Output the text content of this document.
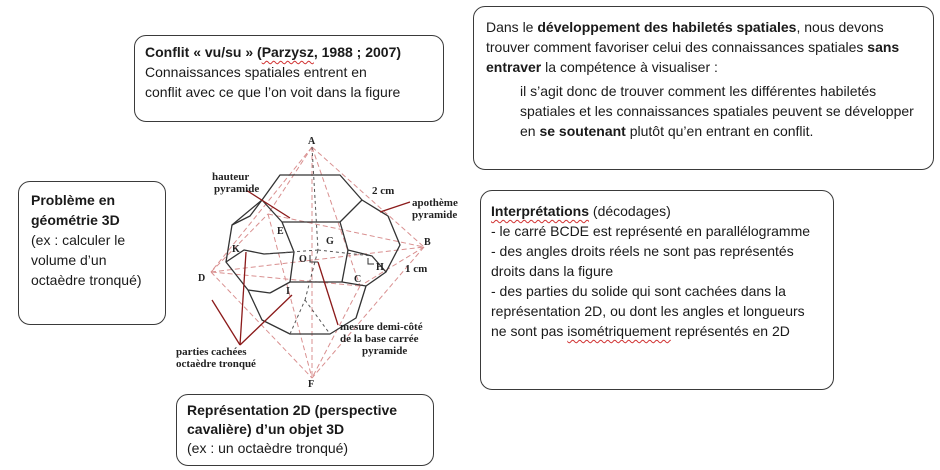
Conflit « vu/su » (Parzysz, 1988 ; 2007)
Connaissances spatiales entrent en
conflit avec ce que l’on voit dans la figure
Dans le développement des habiletés spatiales, nous devons trouver comment favoriser celui des connaissances spatiales sans entraver la compétence à visualiser :
il s’agit donc de trouver comment les différentes habiletés spatiales et les connaissances spatiales peuvent se développer en se soutenant plutôt qu’en entrant en conflit.
Problème en géométrie 3D
(ex : calculer le volume d’un octaèdre tronqué)
Interprétations (décodages)
- le carré BCDE est représenté en parallélogramme
- des angles droits réels ne sont pas représentés droits dans la figure
- des parties du solide qui sont cachées dans la représentation 2D, ou dont les angles et longueurs ne sont pas isométriquement représentés en 2D
Représentation 2D (perspective cavalière) d’un objet 3D
(ex : un octaèdre tronqué)
hauteur
pyramide	2 cm
apothème
pyramide
1 cm
mesure demi-côté
de la base carrée
pyramide
parties cachées
octaèdre tronqué
A
B
C
D
E
F
G
H
I
K
O
